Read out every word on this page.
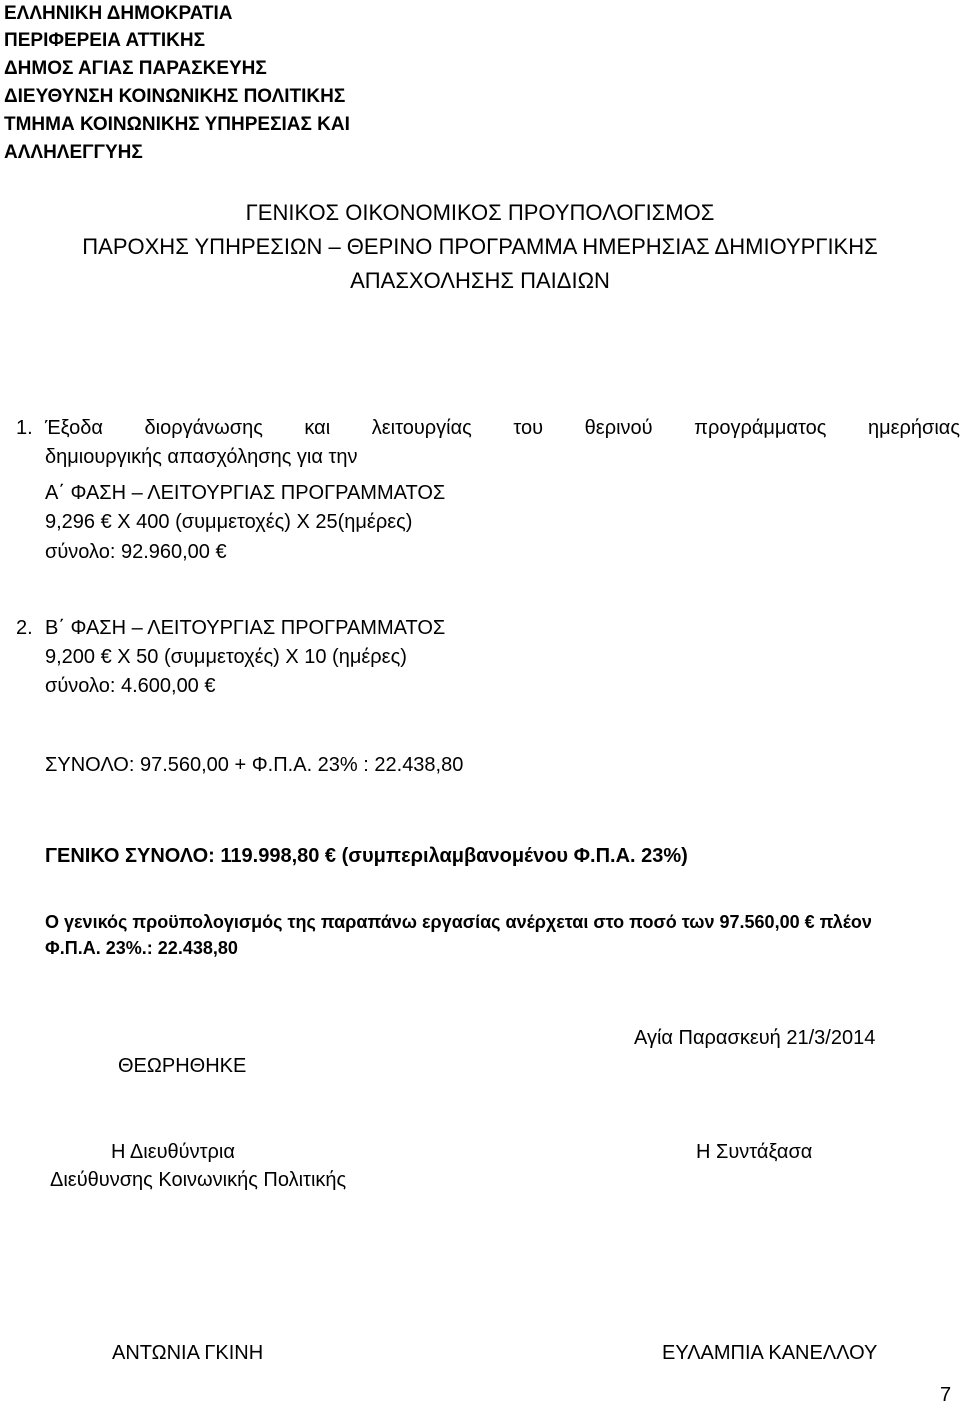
ΕΛΛΗΝΙΚΗ ΔΗΜΟΚΡΑΤΙΑ
ΠΕΡΙΦΕΡΕΙΑ ΑΤΤΙΚΗΣ
ΔΗΜΟΣ ΑΓΙΑΣ ΠΑΡΑΣΚΕΥΗΣ
ΔΙΕΥΘΥΝΣΗ ΚΟΙΝΩΝΙΚΗΣ ΠΟΛΙΤΙΚΗΣ
ΤΜΗΜΑ ΚΟΙΝΩΝΙΚΗΣ ΥΠΗΡΕΣΙΑΣ ΚΑΙ
ΑΛΛΗΛΕΓΓΥΗΣ
ΓΕΝΙΚΟΣ ΟΙΚΟΝΟΜΙΚΟΣ ΠΡΟΥΠΟΛΟΓΙΣΜΟΣ
ΠΑΡΟΧΗΣ ΥΠΗΡΕΣΙΩΝ – ΘΕΡΙΝΟ ΠΡΟΓΡΑΜΜΑ ΗΜΕΡΗΣΙΑΣ ΔΗΜΙΟΥΡΓΙΚΗΣ
ΑΠΑΣΧΟΛΗΣΗΣ ΠΑΙΔΙΩΝ
1. Έξοδα διοργάνωσης και λειτουργίας του θερινού προγράμματος ημερήσιας
δημιουργικής απασχόλησης για την
Α΄ ΦΑΣΗ – ΛΕΙΤΟΥΡΓΙΑΣ ΠΡΟΓΡΑΜΜΑΤΟΣ
9,296 € Χ 400 (συμμετοχές) Χ 25(ημέρες)
σύνολο: 92.960,00 €
2. Β΄ ΦΑΣΗ – ΛΕΙΤΟΥΡΓΙΑΣ ΠΡΟΓΡΑΜΜΑΤΟΣ
9,200 € Χ 50 (συμμετοχές) Χ 10 (ημέρες)
σύνολο: 4.600,00 €
ΣΥΝΟΛΟ: 97.560,00 + Φ.Π.Α. 23% : 22.438,80
ΓΕΝΙΚΟ ΣΥΝΟΛΟ: 119.998,80 € (συμπεριλαμβανομένου Φ.Π.Α. 23%)
Ο γενικός προϋπολογισμός της παραπάνω εργασίας ανέρχεται στο ποσό των 97.560,00 € πλέον
Φ.Π.Α. 23%.: 22.438,80
Αγία Παρασκευή 21/3/2014
ΘΕΩΡΗΘΗΚΕ
Η Διευθύντρια
Διεύθυνσης Κοινωνικής Πολιτικής
Η Συντάξασα
ΑΝΤΩΝΙΑ ΓΚΙΝΗ	ΕΥΛΑΜΠΙΑ ΚΑΝΕΛΛΟΥ
7
